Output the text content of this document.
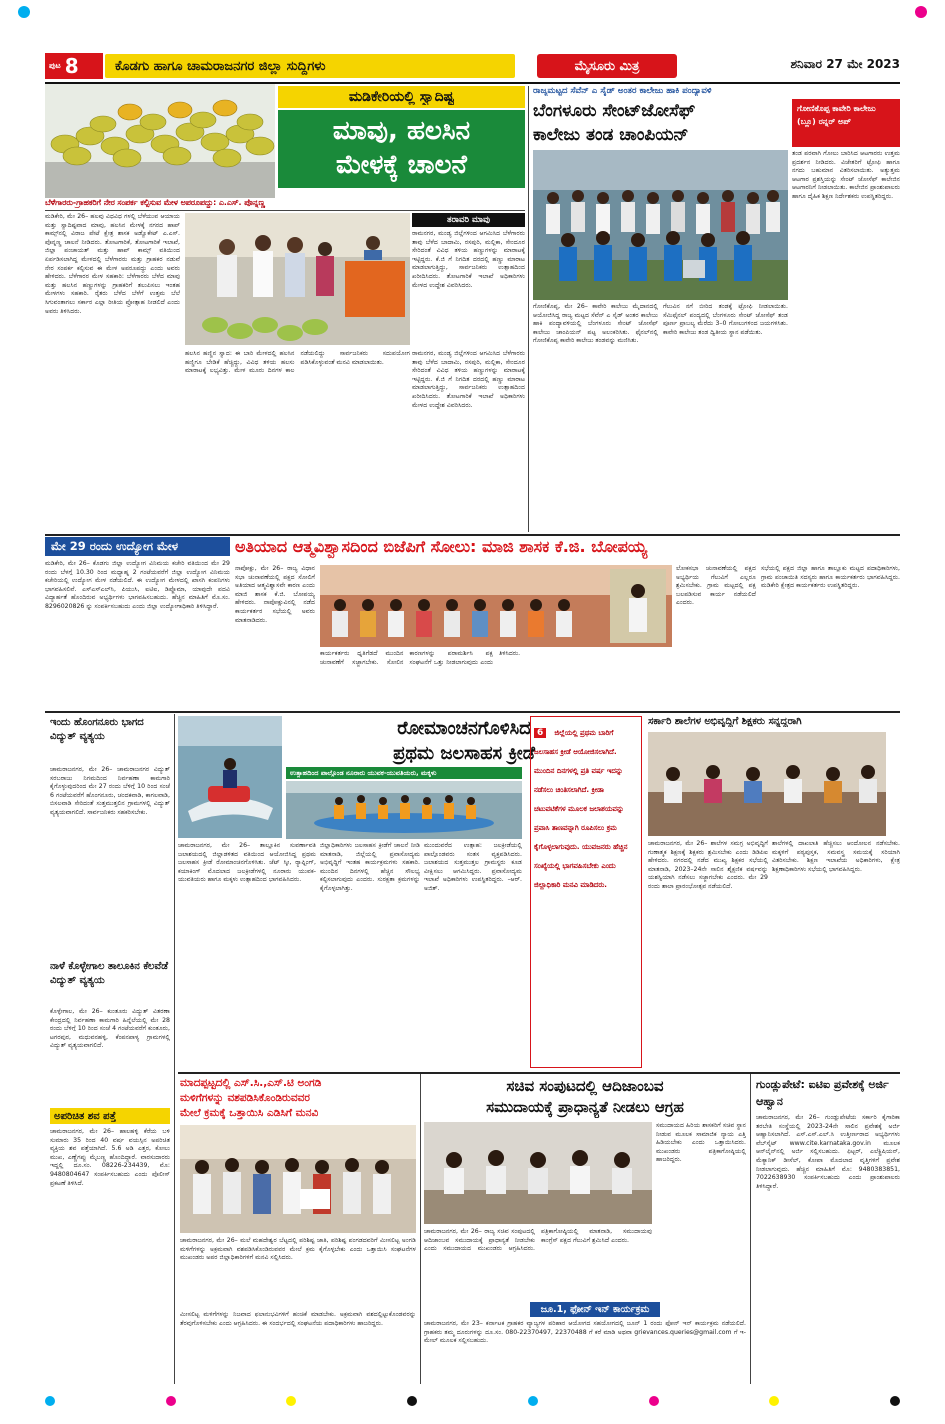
ಪುಟ 8	ಕೊಡಗು ಹಾಗೂ ಚಾಮರಾಜನಗರ ಜಿಲ್ಲಾ ಸುದ್ದಿಗಳು	ಮೈಸೂರು ಮಿತ್ರ	ಶನಿವಾರ 27 ಮೇ 2023
ಮಡಿಕೇರಿಯಲ್ಲಿ ಸ್ವಾದಿಷ್ಟ
ಮಾವು, ಹಲಸಿನ
ಮೇಳಕ್ಕೆ ಚಾಲನೆ
ಬೆಳೆಗಾರರು-ಗ್ರಾಹಕರಿಗೆ ನೇರ ಸಂಪರ್ಕ ಕಲ್ಪಿಸುವ ಮೇಳ ಅಪರೂಪದ್ದು: ಎ.ಎಸ್. ಪೊನ್ನಣ್ಣ
ಮಡಿಕೇರಿ, ಮೇ 26– ಹಲವು ವಿಧವಿಧ ಗಳಲ್ಲಿ ಬೆಳೆಯುವ ಆಯಾಯ ಮತ್ತು ಸ್ವಾದಿಷ್ಟವಾದ ಮಾವು, ಹಲಸಿನ ಮೇಳಕ್ಕೆ ನಗರದ ಹಾಪ್‌ ಕಾಮ್ಸ್‌ನಲ್ಲಿ ವಿರಾಜ ಪೇಟೆ ಕ್ಷೇತ್ರ ಶಾಸಕ ಅಡ್ವೊಕೇಟ್ ಎ.ಎಸ್. ಪೊನ್ನಣ್ಣ ಚಾಲನೆ ನೀಡಿದರು. ತೋಟಗಾರಿಕೆ, ತೋಟಗಾರಿಕೆ ಇಲಾಖೆ, ಜಿಲ್ಲಾ ಪಂಚಾಯತ್ ಮತ್ತು ಹಾಪ್ ಕಾಮ್ಸ್ ವತಿಯಿಂದ ಏರ್ಪಡಿಸಲಾಗಿದ್ದ ಮೇಳದಲ್ಲಿ ಬೆಳೆಗಾರರು ಮತ್ತು ಗ್ರಾಹಕರ ನಡುವೆ ನೇರ ಸಂಪರ್ಕ ಕಲ್ಪಿಸುವ ಈ ಮೇಳ ಅಪರೂಪದ್ದು ಎಂದು ಅವರು ಹೇಳಿದರು. ಬೆಳೆಗಾರರ ಮೇಳ ಸಹಕಾರಿ: ಬೆಳೆಗಾರರು ಬೆಳೆದ ಮಾವು ಮತ್ತು ಹಲಸಿನ ಹಣ್ಣುಗಳನ್ನು ಗ್ರಾಹಕರಿಗೆ ತಲುಪಿಸಲು ಇಂತಹ ಮೇಳಗಳು ಸಹಕಾರಿ. ರೈತರು ಬೆಳೆದ ಬೆಳೆಗೆ ಉತ್ತಮ ಬೆಲೆ ಸಿಗುವಂತಾಗಲು ಸರ್ಕಾರ ಎಲ್ಲಾ ರೀತಿಯ ಪ್ರೋತ್ಸಾಹ ನೀಡಲಿದೆ ಎಂದು ಅವರು ತಿಳಿಸಿದರು.
ತರಾವರಿ ಮಾವು
ರಾಮನಗರ, ಮಂಡ್ಯ ಜಿಲ್ಲೆಗಳಿಂದ ಆಗಮಿಸಿದ ಬೆಳೆಗಾರರು ತಾವು ಬೆಳೆದ ಬಾದಾಮಿ, ರಸಪುರಿ, ಮಲ್ಲಿಕಾ, ಸೇಂದೂರ ಸೇರಿದಂತೆ ವಿವಿಧ ತಳಿಯ ಹಣ್ಣುಗಳನ್ನು ಮಾರಾಟಕ್ಕೆ ಇಟ್ಟಿದ್ದರು. ಕೆ.ಜಿ ಗೆ ನಿಗದಿತ ದರದಲ್ಲಿ ಹಣ್ಣು ಮಾರಾಟ ಮಾಡಲಾಗುತ್ತಿದ್ದು, ಸಾರ್ವಜನಿಕರು ಉತ್ಸಾಹದಿಂದ ಖರೀದಿಸಿದರು. ತೋಟಗಾರಿಕೆ ಇಲಾಖೆ ಅಧಿಕಾರಿಗಳು ಮೇಳದ ಉದ್ದೇಶ ವಿವರಿಸಿದರು.
ಹಲಸಿನ ಹಣ್ಣಿನ ಸ್ವಾದ: ಈ ಬಾರಿ ಮೇಳದಲ್ಲಿ ಹಲಸಿನ ಹಣ್ಣಿಗೂ ಬೇಡಿಕೆ ಹೆಚ್ಚಿದ್ದು, ವಿವಿಧ ತಳಿಯ ಹಲಸು ಮಾರಾಟಕ್ಕೆ ಲಭ್ಯವಿತ್ತು. ಮೇಳ ಮೂರು ದಿನಗಳ ಕಾಲ ನಡೆಯಲಿದ್ದು ಸಾರ್ವಜನಿಕರು ಸದುಪಯೋಗ ಪಡಿಸಿಕೊಳ್ಳುವಂತೆ ಮನವಿ ಮಾಡಲಾಯಿತು.
ರಾಮನಗರ, ಮಂಡ್ಯ ಜಿಲ್ಲೆಗಳಿಂದ ಆಗಮಿಸಿದ ಬೆಳೆಗಾರರು ತಾವು ಬೆಳೆದ ಬಾದಾಮಿ, ರಸಪುರಿ, ಮಲ್ಲಿಕಾ, ಸೇಂದೂರ ಸೇರಿದಂತೆ ವಿವಿಧ ತಳಿಯ ಹಣ್ಣುಗಳನ್ನು ಮಾರಾಟಕ್ಕೆ ಇಟ್ಟಿದ್ದರು. ಕೆ.ಜಿ ಗೆ ನಿಗದಿತ ದರದಲ್ಲಿ ಹಣ್ಣು ಮಾರಾಟ ಮಾಡಲಾಗುತ್ತಿದ್ದು, ಸಾರ್ವಜನಿಕರು ಉತ್ಸಾಹದಿಂದ ಖರೀದಿಸಿದರು. ತೋಟಗಾರಿಕೆ ಇಲಾಖೆ ಅಧಿಕಾರಿಗಳು ಮೇಳದ ಉದ್ದೇಶ ವಿವರಿಸಿದರು.
ರಾಜ್ಯಮಟ್ಟದ ಸೆವೆನ್ ಎ ಸೈಡ್ ಅಂತರ ಕಾಲೇಜು ಹಾಕಿ ಪಂದ್ಯಾವಳಿ
ಬೆಂಗಳೂರು ಸೇಂಟ್‌ಜೋಸೆಫ್
ಕಾಲೇಜು ತಂಡ ಚಾಂಪಿಯನ್
ಗೋಣಿಕೊಪ್ಪ ಕಾವೇರಿ ಕಾಲೇಜು (ಬ್ಲೂ) ರನ್ನರ್ ಅಪ್
ತಂಡ ಪರವಾಗಿ ಗೋಲು ಬಾರಿಸಿದ ಆಟಗಾರರು ಉತ್ತಮ ಪ್ರದರ್ಶನ ನೀಡಿದರು. ವಿಜೇತರಿಗೆ ಟ್ರೋಫಿ ಹಾಗೂ ನಗದು ಬಹುಮಾನ ವಿತರಿಸಲಾಯಿತು. ಅತ್ಯುತ್ತಮ ಆಟಗಾರ ಪ್ರಶಸ್ತಿಯನ್ನು ಸೇಂಟ್ ಜೋಸೆಫ್ ಕಾಲೇಜಿನ ಆಟಗಾರನಿಗೆ ನೀಡಲಾಯಿತು. ಕಾಲೇಜಿನ ಪ್ರಾಂಶುಪಾಲರು ಹಾಗೂ ದೈಹಿಕ ಶಿಕ್ಷಣ ನಿರ್ದೇಶಕರು ಉಪಸ್ಥಿತರಿದ್ದರು.
ಗೋಣಿಕೊಪ್ಪ, ಮೇ 26– ಕಾವೇರಿ ಕಾಲೇಜು ಮೈದಾನದಲ್ಲಿ ಆಯೋಜಿಸಿದ್ದ ರಾಜ್ಯ ಮಟ್ಟದ ಸೆವೆನ್ ಎ ಸೈಡ್ ಅಂತರ ಕಾಲೇಜು ಹಾಕಿ ಪಂದ್ಯಾವಳಿಯಲ್ಲಿ ಬೆಂಗಳೂರು ಸೇಂಟ್ ಜೋಸೆಫ್ ಕಾಲೇಜು ಚಾಂಪಿಯನ್ ಪಟ್ಟ ಅಲಂಕರಿಸಿತು. ಫೈನಲ್‌ನಲ್ಲಿ ಗೋಣಿಕೊಪ್ಪ ಕಾವೇರಿ ಕಾಲೇಜು ತಂಡವನ್ನು ಮಣಿಸಿತು.
ಗೆಲುವಿನ ನಗೆ ಬೀರಿದ ತಂಡಕ್ಕೆ ಟ್ರೋಫಿ ನೀಡಲಾಯಿತು. ಸೆಮಿಫೈನಲ್ ಪಂದ್ಯದಲ್ಲಿ ಬೆಂಗಳೂರು ಸೇಂಟ್ ಜೋಸೆಫ್ ತಂಡ ಪೂರ್ಣ ಪ್ರಾಬಲ್ಯ ಮೆರೆದು 3–0 ಗೋಲುಗಳಿಂದ ಜಯಗಳಿಸಿತು. ಕಾವೇರಿ ಕಾಲೇಜು ತಂಡ ದ್ವಿತೀಯ ಸ್ಥಾನ ಪಡೆಯಿತು.
ಮೇ 29 ರಂದು ಉದ್ಯೋಗ ಮೇಳ
ಮಡಿಕೇರಿ, ಮೇ 26– ಕೊಡಗು ಜಿಲ್ಲಾ ಉದ್ಯೋಗ ವಿನಿಮಯ ಕಚೇರಿ ವತಿಯಿಂದ ಮೇ 29 ರಂದು ಬೆಳಗ್ಗೆ 10.30 ರಿಂದ ಮಧ್ಯಾಹ್ನ 2 ಗಂಟೆಯವರೆಗೆ ಜಿಲ್ಲಾ ಉದ್ಯೋಗ ವಿನಿಮಯ ಕಚೇರಿಯಲ್ಲಿ ಉದ್ಯೋಗ ಮೇಳ ನಡೆಯಲಿದೆ. ಈ ಉದ್ಯೋಗ ಮೇಳದಲ್ಲಿ ಖಾಸಗಿ ಕಂಪನಿಗಳು ಭಾಗವಹಿಸಲಿವೆ. ಎಸ್‌ಎಸ್‌ಎಲ್‌ಸಿ, ಪಿಯುಸಿ, ಐಟಿಐ, ಡಿಪ್ಲೊಮಾ, ಯಾವುದೇ ಪದವಿ ವಿದ್ಯಾರ್ಹತೆ ಹೊಂದಿರುವ ಅಭ್ಯರ್ಥಿಗಳು ಭಾಗವಹಿಸಬಹುದು. ಹೆಚ್ಚಿನ ಮಾಹಿತಿಗೆ ಮೊ.ಸಂ. 8296020826 ನ್ನು ಸಂಪರ್ಕಿಸಬಹುದು ಎಂದು ಜಿಲ್ಲಾ ಉದ್ಯೋಗಾಧಿಕಾರಿ ತಿಳಿಸಿದ್ದಾರೆ.
ಅತಿಯಾದ ಆತ್ಮವಿಶ್ವಾಸದಿಂದ ಬಿಜೆಪಿಗೆ ಸೋಲು: ಮಾಜಿ ಶಾಸಕ ಕೆ.ಜಿ. ಬೋಪಯ್ಯ
ನಾಪೋಕ್ಲು, ಮೇ 26– ರಾಜ್ಯ ವಿಧಾನ ಸಭಾ ಚುನಾವಣೆಯಲ್ಲಿ ಪಕ್ಷದ ಸೋಲಿಗೆ ಅತಿಯಾದ ಆತ್ಮವಿಶ್ವಾಸವೇ ಕಾರಣ ಎಂದು ಮಾಜಿ ಶಾಸಕ ಕೆ.ಜಿ. ಬೋಪಯ್ಯ ಹೇಳಿದರು. ನಾಪೋಕ್ಲುವಿನಲ್ಲಿ ನಡೆದ ಕಾರ್ಯಕರ್ತರ ಸಭೆಯಲ್ಲಿ ಅವರು ಮಾತನಾಡಿದರು.
ಲೋಕಸಭಾ ಚುನಾವಣೆಯಲ್ಲಿ ಪಕ್ಷದ ಅಭ್ಯರ್ಥಿಯ ಗೆಲುವಿಗೆ ಎಲ್ಲರೂ ಶ್ರಮಿಸಬೇಕು. ಗ್ರಾಮ ಮಟ್ಟದಲ್ಲಿ ಪಕ್ಷ ಬಲಪಡಿಸುವ ಕಾರ್ಯ ನಡೆಯಲಿದೆ ಎಂದರು.
ಸಭೆಯಲ್ಲಿ ಪಕ್ಷದ ಜಿಲ್ಲಾ ಹಾಗೂ ತಾಲ್ಲೂಕು ಮಟ್ಟದ ಪದಾಧಿಕಾರಿಗಳು, ಗ್ರಾಮ ಪಂಚಾಯಿತಿ ಸದಸ್ಯರು ಹಾಗೂ ಕಾರ್ಯಕರ್ತರು ಭಾಗವಹಿಸಿದ್ದರು. ಮಡಿಕೇರಿ ಕ್ಷೇತ್ರದ ಕಾರ್ಯಕರ್ತರು ಉಪಸ್ಥಿತರಿದ್ದರು.
ಕಾರ್ಯಕರ್ತರು ಧೃತಿಗೆಡದೆ ಮುಂದಿನ ಚುನಾವಣೆಗೆ ಸಜ್ಜಾಗಬೇಕು. ಸೋಲಿನ ಕಾರಣಗಳನ್ನು ಪರಾಮರ್ಶಿಸಿ ಪಕ್ಷ ಸಂಘಟನೆಗೆ ಒತ್ತು ನೀಡಲಾಗುವುದು ಎಂದು ತಿಳಿಸಿದರು.
ಇಂದು ಹೊಂಗನೂರು ಭಾಗದ ವಿದ್ಯುತ್ ವ್ಯತ್ಯಯ
ಚಾಮರಾಜನಗರ, ಮೇ 26– ಚಾಮರಾಜನಗರ ವಿದ್ಯುತ್ ಸರಬರಾಜು ನಿಗಮದಿಂದ ನಿರ್ವಹಣಾ ಕಾಮಗಾರಿ ಕೈಗೊಳ್ಳುವುದರಿಂದ ಮೇ 27 ರಂದು ಬೆಳಿಗ್ಗೆ 10 ರಿಂದ ಸಂಜೆ 6 ಗಂಟೆಯವರೆಗೆ ಹೊಂಗನೂರು, ಚಂದಕವಾಡಿ, ಕಾಗಲವಾಡಿ, ಬಿಸಲವಾಡಿ ಸೇರಿದಂತೆ ಸುತ್ತಮುತ್ತಲಿನ ಗ್ರಾಮಗಳಲ್ಲಿ ವಿದ್ಯುತ್ ವ್ಯತ್ಯಯವಾಗಲಿದೆ. ಸಾರ್ವಜನಿಕರು ಸಹಕರಿಸಬೇಕು.
ನಾಳೆ ಕೊಳ್ಳೇಗಾಲ ತಾಲೂಕಿನ ಕೆಲವೆಡೆ ವಿದ್ಯುತ್ ವ್ಯತ್ಯಯ
ಕೊಳ್ಳೇಗಾಲ, ಮೇ 26– ಕುಂತೂರು ವಿದ್ಯುತ್ ವಿತರಣಾ ಕೇಂದ್ರದಲ್ಲಿ ನಿರ್ವಹಣಾ ಕಾಮಗಾರಿ ಹಿನ್ನೆಲೆಯಲ್ಲಿ ಮೇ 28 ರಂದು ಬೆಳಿಗ್ಗೆ 10 ರಿಂದ ಸಂಜೆ 4 ಗಂಟೆಯವರೆಗೆ ಕುಂತೂರು, ಟಗರಪುರ, ಮಧುವನಹಳ್ಳಿ, ಕೆಂಪನಪಾಳ್ಯ ಗ್ರಾಮಗಳಲ್ಲಿ ವಿದ್ಯುತ್ ವ್ಯತ್ಯಯವಾಗಲಿದೆ.
ಅಪರಿಚಿತ ಶವ ಪತ್ತೆ
ಚಾಮರಾಜನಗರ, ಮೇ 26– ಹಾಲಹಳ್ಳಿ ಕೆರೆಯ ಬಳಿ ಸುಮಾರು 35 ರಿಂದ 40 ವರ್ಷ ವಯಸ್ಸಿನ ಅಪರಿಚಿತ ವ್ಯಕ್ತಿಯ ಶವ ಪತ್ತೆಯಾಗಿದೆ. 5.6 ಅಡಿ ಎತ್ತರ, ಕೋಲು ಮುಖ, ಎಣ್ಣೆಗಪ್ಪು ಮೈಬಣ್ಣ ಹೊಂದಿದ್ದಾರೆ. ವಾರಸುದಾರರು ಇದ್ದಲ್ಲಿ ದೂ.ಸಂ. 08226-234439, ಮೊ: 9480804647 ಸಂಪರ್ಕಿಸಬಹುದು ಎಂದು ಪೊಲೀಸ್ ಪ್ರಕಟಣೆ ತಿಳಿಸಿದೆ.
ರೋಮಾಂಚನಗೊಳಿಸಿದ
ಪ್ರಥಮ ಜಲಸಾಹಸ ಕ್ರೀಡೆ
ಉತ್ಸಾಹದಿಂದ ಪಾಲ್ಗೊಂಡ ನೂರಾರು ಯುವಕ-ಯುವತಿಯರು, ಮಕ್ಕಳು
ಚಾಮರಾಜನಗರ, ಮೇ 26– ತಾಲ್ಲೂಕಿನ ಸುವರ್ಣಾವತಿ ಜಲಾಶಯದಲ್ಲಿ ಜಿಲ್ಲಾಡಳಿತದ ವತಿಯಿಂದ ಆಯೋಜಿಸಿದ್ದ ಪ್ರಥಮ ಜಲಸಾಹಸ ಕ್ರೀಡೆ ರೋಮಾಂಚನಗೊಳಿಸಿತು. ಜೆಟ್ ಸ್ಕೀ, ರ್‍ಯಾಫ್ಟಿಂಗ್, ಕಯಾಕಿಂಗ್ ಮೊದಲಾದ ಜಲಕ್ರೀಡೆಗಳಲ್ಲಿ ನೂರಾರು ಯುವಕ-ಯುವತಿಯರು ಹಾಗೂ ಮಕ್ಕಳು ಉತ್ಸಾಹದಿಂದ ಭಾಗವಹಿಸಿದರು.
ಜಿಲ್ಲಾಧಿಕಾರಿಗಳು ಜಲಸಾಹಸ ಕ್ರೀಡೆಗೆ ಚಾಲನೆ ನೀಡಿ ಮಾತನಾಡಿ, ಜಿಲ್ಲೆಯಲ್ಲಿ ಪ್ರವಾಸೋದ್ಯಮ ಅಭಿವೃದ್ಧಿಗೆ ಇಂತಹ ಕಾರ್ಯಕ್ರಮಗಳು ಸಹಕಾರಿ. ಮುಂದಿನ ದಿನಗಳಲ್ಲಿ ಹೆಚ್ಚಿನ ಸೌಲಭ್ಯ ಕಲ್ಪಿಸಲಾಗುವುದು ಎಂದರು. ಸುರಕ್ಷತಾ ಕ್ರಮಗಳನ್ನು ಕೈಗೊಳ್ಳಲಾಗಿತ್ತು.
ಮುಂದುವರೆದ ಉತ್ಸಾಹ: ಜಲಕ್ರೀಡೆಯಲ್ಲಿ ಪಾಲ್ಗೊಂಡವರು ಸಂತಸ ವ್ಯಕ್ತಪಡಿಸಿದರು. ಜಲಾಶಯದ ಸುತ್ತಮುತ್ತಲ ಗ್ರಾಮಸ್ಥರು ಕೂಡ ವೀಕ್ಷಿಸಲು ಆಗಮಿಸಿದ್ದರು. ಪ್ರವಾಸೋದ್ಯಮ ಇಲಾಖೆ ಅಧಿಕಾರಿಗಳು ಉಪಸ್ಥಿತರಿದ್ದರು. –ಆರ್. ಅಜಿತ್.
6 ಜಿಲ್ಲೆಯಲ್ಲಿ ಪ್ರಥಮ ಬಾರಿಗೆ ಜಲಸಾಹಸ ಕ್ರೀಡೆ ಆಯೋಜಿಸಲಾಗಿದೆ. ಮುಂದಿನ ದಿನಗಳಲ್ಲಿ ಪ್ರತಿ ವರ್ಷ ಇದನ್ನು ನಡೆಸಲು ಚಿಂತಿಸಲಾಗಿದೆ. ಕ್ರೀಡಾ ಚಟುವಟಿಕೆಗಳ ಮೂಲಕ ಜಲಾಶಯವನ್ನು ಪ್ರವಾಸಿ ತಾಣವನ್ನಾಗಿ ರೂಪಿಸಲು ಕ್ರಮ ಕೈಗೊಳ್ಳಲಾಗುವುದು. ಯುವಜನರು ಹೆಚ್ಚಿನ ಸಂಖ್ಯೆಯಲ್ಲಿ ಭಾಗವಹಿಸಬೇಕು ಎಂದು ಜಿಲ್ಲಾಧಿಕಾರಿ ಮನವಿ ಮಾಡಿದರು.
ಸರ್ಕಾರಿ ಶಾಲೆಗಳ ಅಭಿವೃದ್ಧಿಗೆ ಶಿಕ್ಷಕರು ಸನ್ನದ್ಧರಾಗಿ
ಚಾಮರಾಜನಗರ, ಮೇ 26– ಶಾಲೆಗಳ ಸಮಗ್ರ ಅಭಿವೃದ್ಧಿಗೆ ಗುಣಾತ್ಮಕ ಶಿಕ್ಷಣಕ್ಕೆ ಶಿಕ್ಷಕರು ಶ್ರಮಿಸಬೇಕು ಎಂದು ಡಿಡಿಪಿಐ ಹೇಳಿದರು. ನಗರದಲ್ಲಿ ನಡೆದ ಮುಖ್ಯ ಶಿಕ್ಷಕರ ಸಭೆಯಲ್ಲಿ ಮಾತನಾಡಿ, 2023–24ನೇ ಸಾಲಿನ ಶೈಕ್ಷಣಿಕ ವರ್ಷವನ್ನು ಯಶಸ್ವಿಯಾಗಿ ನಡೆಸಲು ಸಜ್ಜಾಗಬೇಕು ಎಂದರು. ಮೇ 29 ರಂದು ಶಾಲಾ ಪ್ರಾರಂಭೋತ್ಸವ ನಡೆಯಲಿದೆ.
ಶಾಲೆಗಳಲ್ಲಿ ದಾಖಲಾತಿ ಹೆಚ್ಚಿಸಲು ಆಂದೋಲನ ನಡೆಸಬೇಕು. ಮಕ್ಕಳಿಗೆ ಪಠ್ಯಪುಸ್ತಕ, ಸಮವಸ್ತ್ರ ಸಮಯಕ್ಕೆ ಸರಿಯಾಗಿ ವಿತರಿಸಬೇಕು. ಶಿಕ್ಷಣ ಇಲಾಖೆಯ ಅಧಿಕಾರಿಗಳು, ಕ್ಷೇತ್ರ ಶಿಕ್ಷಣಾಧಿಕಾರಿಗಳು ಸಭೆಯಲ್ಲಿ ಭಾಗವಹಿಸಿದ್ದರು.
ಮಾದಪ್ಪಟ್ಟದಲ್ಲಿ ಎಸ್.ಸಿ.,ಎಸ್.ಟಿ ಅಂಗಡಿ
ಮಳಿಗೆಗಳನ್ನು ವಶಪಡಿಸಿಕೊಂಡಿರುವವರ
ಮೇಲೆ ಕ್ರಮಕ್ಕೆ ಒತ್ತಾಯಿಸಿ ಎಡಿಸಿಗೆ ಮನವಿ
ಚಾಮರಾಜನಗರ, ಮೇ 26– ಮಲೆ ಮಹದೇಶ್ವರ ಬೆಟ್ಟದಲ್ಲಿ ಪರಿಶಿಷ್ಟ ಜಾತಿ, ಪರಿಶಿಷ್ಟ ಪಂಗಡದವರಿಗೆ ಮೀಸಲಿಟ್ಟ ಅಂಗಡಿ ಮಳಿಗೆಗಳನ್ನು ಅಕ್ರಮವಾಗಿ ವಶಪಡಿಸಿಕೊಂಡಿರುವವರ ಮೇಲೆ ಕ್ರಮ ಕೈಗೊಳ್ಳಬೇಕು ಎಂದು ಒತ್ತಾಯಿಸಿ ಸಂಘಟನೆಗಳ ಮುಖಂಡರು ಅಪರ ಜಿಲ್ಲಾಧಿಕಾರಿಗಳಿಗೆ ಮನವಿ ಸಲ್ಲಿಸಿದರು.
ಮೀಸಲಿಟ್ಟ ಮಳಿಗೆಗಳನ್ನು ನಿಜವಾದ ಫಲಾನುಭವಿಗಳಿಗೆ ಹಂಚಿಕೆ ಮಾಡಬೇಕು. ಅಕ್ರಮವಾಗಿ ವಶದಲ್ಲಿಟ್ಟುಕೊಂಡವರನ್ನು ತೆರವುಗೊಳಿಸಬೇಕು ಎಂದು ಆಗ್ರಹಿಸಿದರು. ಈ ಸಂದರ್ಭದಲ್ಲಿ ಸಂಘಟನೆಯ ಪದಾಧಿಕಾರಿಗಳು ಹಾಜರಿದ್ದರು.
ಸಚಿವ ಸಂಪುಟದಲ್ಲಿ ಆದಿಜಾಂಬವ
ಸಮುದಾಯಕ್ಕೆ ಪ್ರಾಧಾನ್ಯತೆ ನೀಡಲು ಆಗ್ರಹ
ಚಾಮರಾಜನಗರ, ಮೇ 26– ರಾಜ್ಯ ಸಚಿವ ಸಂಪುಟದಲ್ಲಿ ಆದಿಜಾಂಬವ ಸಮುದಾಯಕ್ಕೆ ಪ್ರಾಧಾನ್ಯತೆ ನೀಡಬೇಕು ಎಂದು ಸಮುದಾಯದ ಮುಖಂಡರು ಆಗ್ರಹಿಸಿದರು. ಪತ್ರಿಕಾಗೋಷ್ಠಿಯಲ್ಲಿ ಮಾತನಾಡಿ, ಸಮುದಾಯವು ಕಾಂಗ್ರೆಸ್ ಪಕ್ಷದ ಗೆಲುವಿಗೆ ಶ್ರಮಿಸಿದೆ ಎಂದರು.
ಸಮುದಾಯದ ಹಿರಿಯ ಶಾಸಕರಿಗೆ ಸಚಿವ ಸ್ಥಾನ ನೀಡುವ ಮೂಲಕ ಸಾಮಾಜಿಕ ನ್ಯಾಯ ಎತ್ತಿ ಹಿಡಿಯಬೇಕು ಎಂದು ಒತ್ತಾಯಿಸಿದರು. ಮುಖಂಡರು ಪತ್ರಿಕಾಗೋಷ್ಠಿಯಲ್ಲಿ ಹಾಜರಿದ್ದರು.
ಜೂ.1, ಫೋನ್ ಇನ್ ಕಾರ್ಯಕ್ರಮ
ಚಾಮರಾಜನಗರ, ಮೇ 23– ಕರ್ನಾಟಕ ಗ್ರಾಹಕರ ವ್ಯಾಜ್ಯಗಳ ಪರಿಹಾರ ಆಯೋಗದ ಸಹಯೋಗದಲ್ಲಿ ಜೂನ್ 1 ರಂದು ಫೋನ್ ಇನ್ ಕಾರ್ಯಕ್ರಮ ನಡೆಯಲಿದೆ. ಗ್ರಾಹಕರು ತಮ್ಮ ದೂರುಗಳನ್ನು ದೂ.ಸಂ. 080-22370497, 22370488 ಗೆ ಕರೆ ಮಾಡಿ ಅಥವಾ grievances.queries@gmail.com ಗೆ ಇ-ಮೇಲ್ ಮೂಲಕ ಸಲ್ಲಿಸಬಹುದು.
ಗುಂಡ್ಲುಪೇಟೆ: ಐಟಿಐ ಪ್ರವೇಶಕ್ಕೆ ಅರ್ಜಿ ಆಹ್ವಾನ
ಚಾಮರಾಜನಗರ, ಮೇ 26– ಗುಂಡ್ಲುಪೇಟೆಯ ಸರ್ಕಾರಿ ಕೈಗಾರಿಕಾ ತರಬೇತಿ ಸಂಸ್ಥೆಯಲ್ಲಿ 2023-24ನೇ ಸಾಲಿನ ಪ್ರವೇಶಕ್ಕೆ ಅರ್ಜಿ ಆಹ್ವಾನಿಸಲಾಗಿದೆ. ಎಸ್.ಎಸ್.ಎಲ್.ಸಿ ಉತ್ತೀರ್ಣರಾದ ಅಭ್ಯರ್ಥಿಗಳು ವೆಬ್‌ಸೈಟ್ www.cite.karnataka.gov.in ಮೂಲಕ ಆನ್‌ಲೈನ್‌ನಲ್ಲಿ ಅರ್ಜಿ ಸಲ್ಲಿಸಬಹುದು. ಫಿಟ್ಟರ್, ಎಲೆಕ್ಟ್ರಿಷಿಯನ್, ಮೆಕ್ಯಾನಿಕ್ ಡೀಸೆಲ್, ಕೋಪಾ ಮೊದಲಾದ ವೃತ್ತಿಗಳಿಗೆ ಪ್ರವೇಶ ನೀಡಲಾಗುವುದು. ಹೆಚ್ಚಿನ ಮಾಹಿತಿಗೆ ಮೊ: 9480383851, 7022638930 ಸಂಪರ್ಕಿಸಬಹುದು ಎಂದು ಪ್ರಾಂಶುಪಾಲರು ತಿಳಿಸಿದ್ದಾರೆ.
